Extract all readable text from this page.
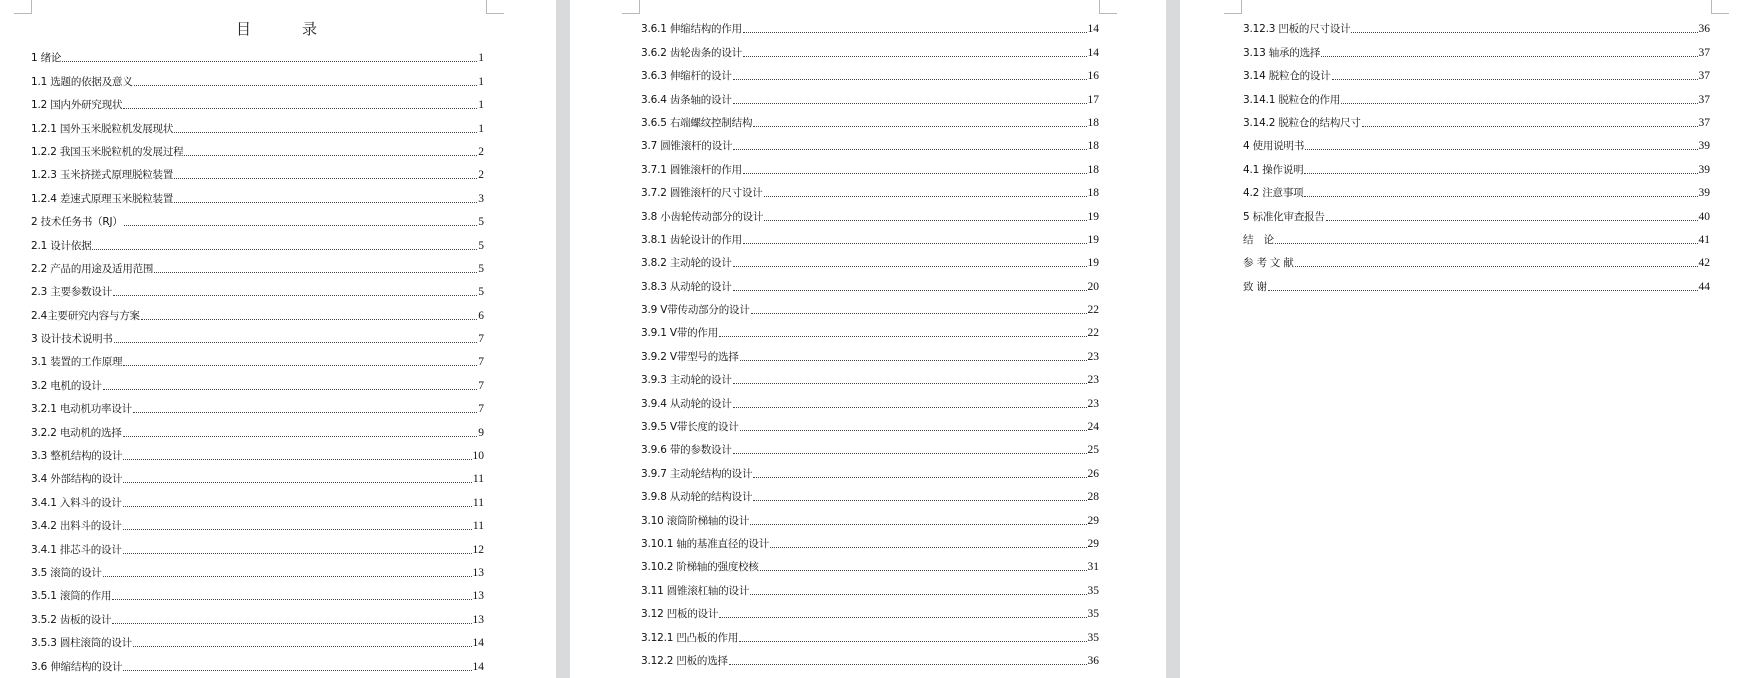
目　录
1 绪论	1
1.1 选题的依据及意义	1
1.2 国内外研究现状	1
1.2.1 国外玉米脱粒机发展现状	1
1.2.2 我国玉米脱粒机的发展过程	2
1.2.3 玉米挤搓式原理脱粒装置	2
1.2.4 差速式原理玉米脱粒装置	3
2 技术任务书（RJ）	5
2.1 设计依据	5
2.2 产品的用途及适用范围	5
2.3 主要参数设计	5
2.4主要研究内容与方案	6
3 设计技术说明书	7
3.1 装置的工作原理	7
3.2 电机的设计	7
3.2.1 电动机功率设计	7
3.2.2 电动机的选择	9
3.3 整机结构的设计	10
3.4 外部结构的设计	11
3.4.1 入料斗的设计	11
3.4.2 出料斗的设计	11
3.4.1 排芯斗的设计	12
3.5 滚筒的设计	13
3.5.1 滚筒的作用	13
3.5.2 齿板的设计	13
3.5.3 圆柱滚筒的设计	14
3.6 伸缩结构的设计	14
3.6.1 伸缩结构的作用	14
3.6.2 齿轮齿条的设计	14
3.6.3 伸缩杆的设计	16
3.6.4 齿条轴的设计	17
3.6.5 右端螺纹控制结构	18
3.7 圆锥滚杆的设计	18
3.7.1 圆锥滚杆的作用	18
3.7.2 圆锥滚杆的尺寸设计	18
3.8 小齿轮传动部分的设计	19
3.8.1 齿轮设计的作用	19
3.8.2 主动轮的设计	19
3.8.3 从动轮的设计	20
3.9 V带传动部分的设计	22
3.9.1 V带的作用	22
3.9.2 V带型号的选择	23
3.9.3 主动轮的设计	23
3.9.4 从动轮的设计	23
3.9.5 V带长度的设计	24
3.9.6 带的参数设计	25
3.9.7 主动轮结构的设计	26
3.9.8 从动轮的结构设计	28
3.10 滚筒阶梯轴的设计	29
3.10.1 轴的基准直径的设计	29
3.10.2 阶梯轴的强度校核	31
3.11 圆锥滚杠轴的设计	35
3.12 凹板的设计	35
3.12.1 凹凸板的作用	35
3.12.2 凹板的选择	36
3.12.3 凹板的尺寸设计	36
3.13 轴承的选择	37
3.14 脱粒仓的设计	37
3.14.1 脱粒仓的作用	37
3.14.2 脱粒仓的结构尺寸	37
4 使用说明书	39
4.1 操作说明	39
4.2 注意事项	39
5 标准化审查报告	40
结　论	41
参 考 文 献	42
致 谢	44
